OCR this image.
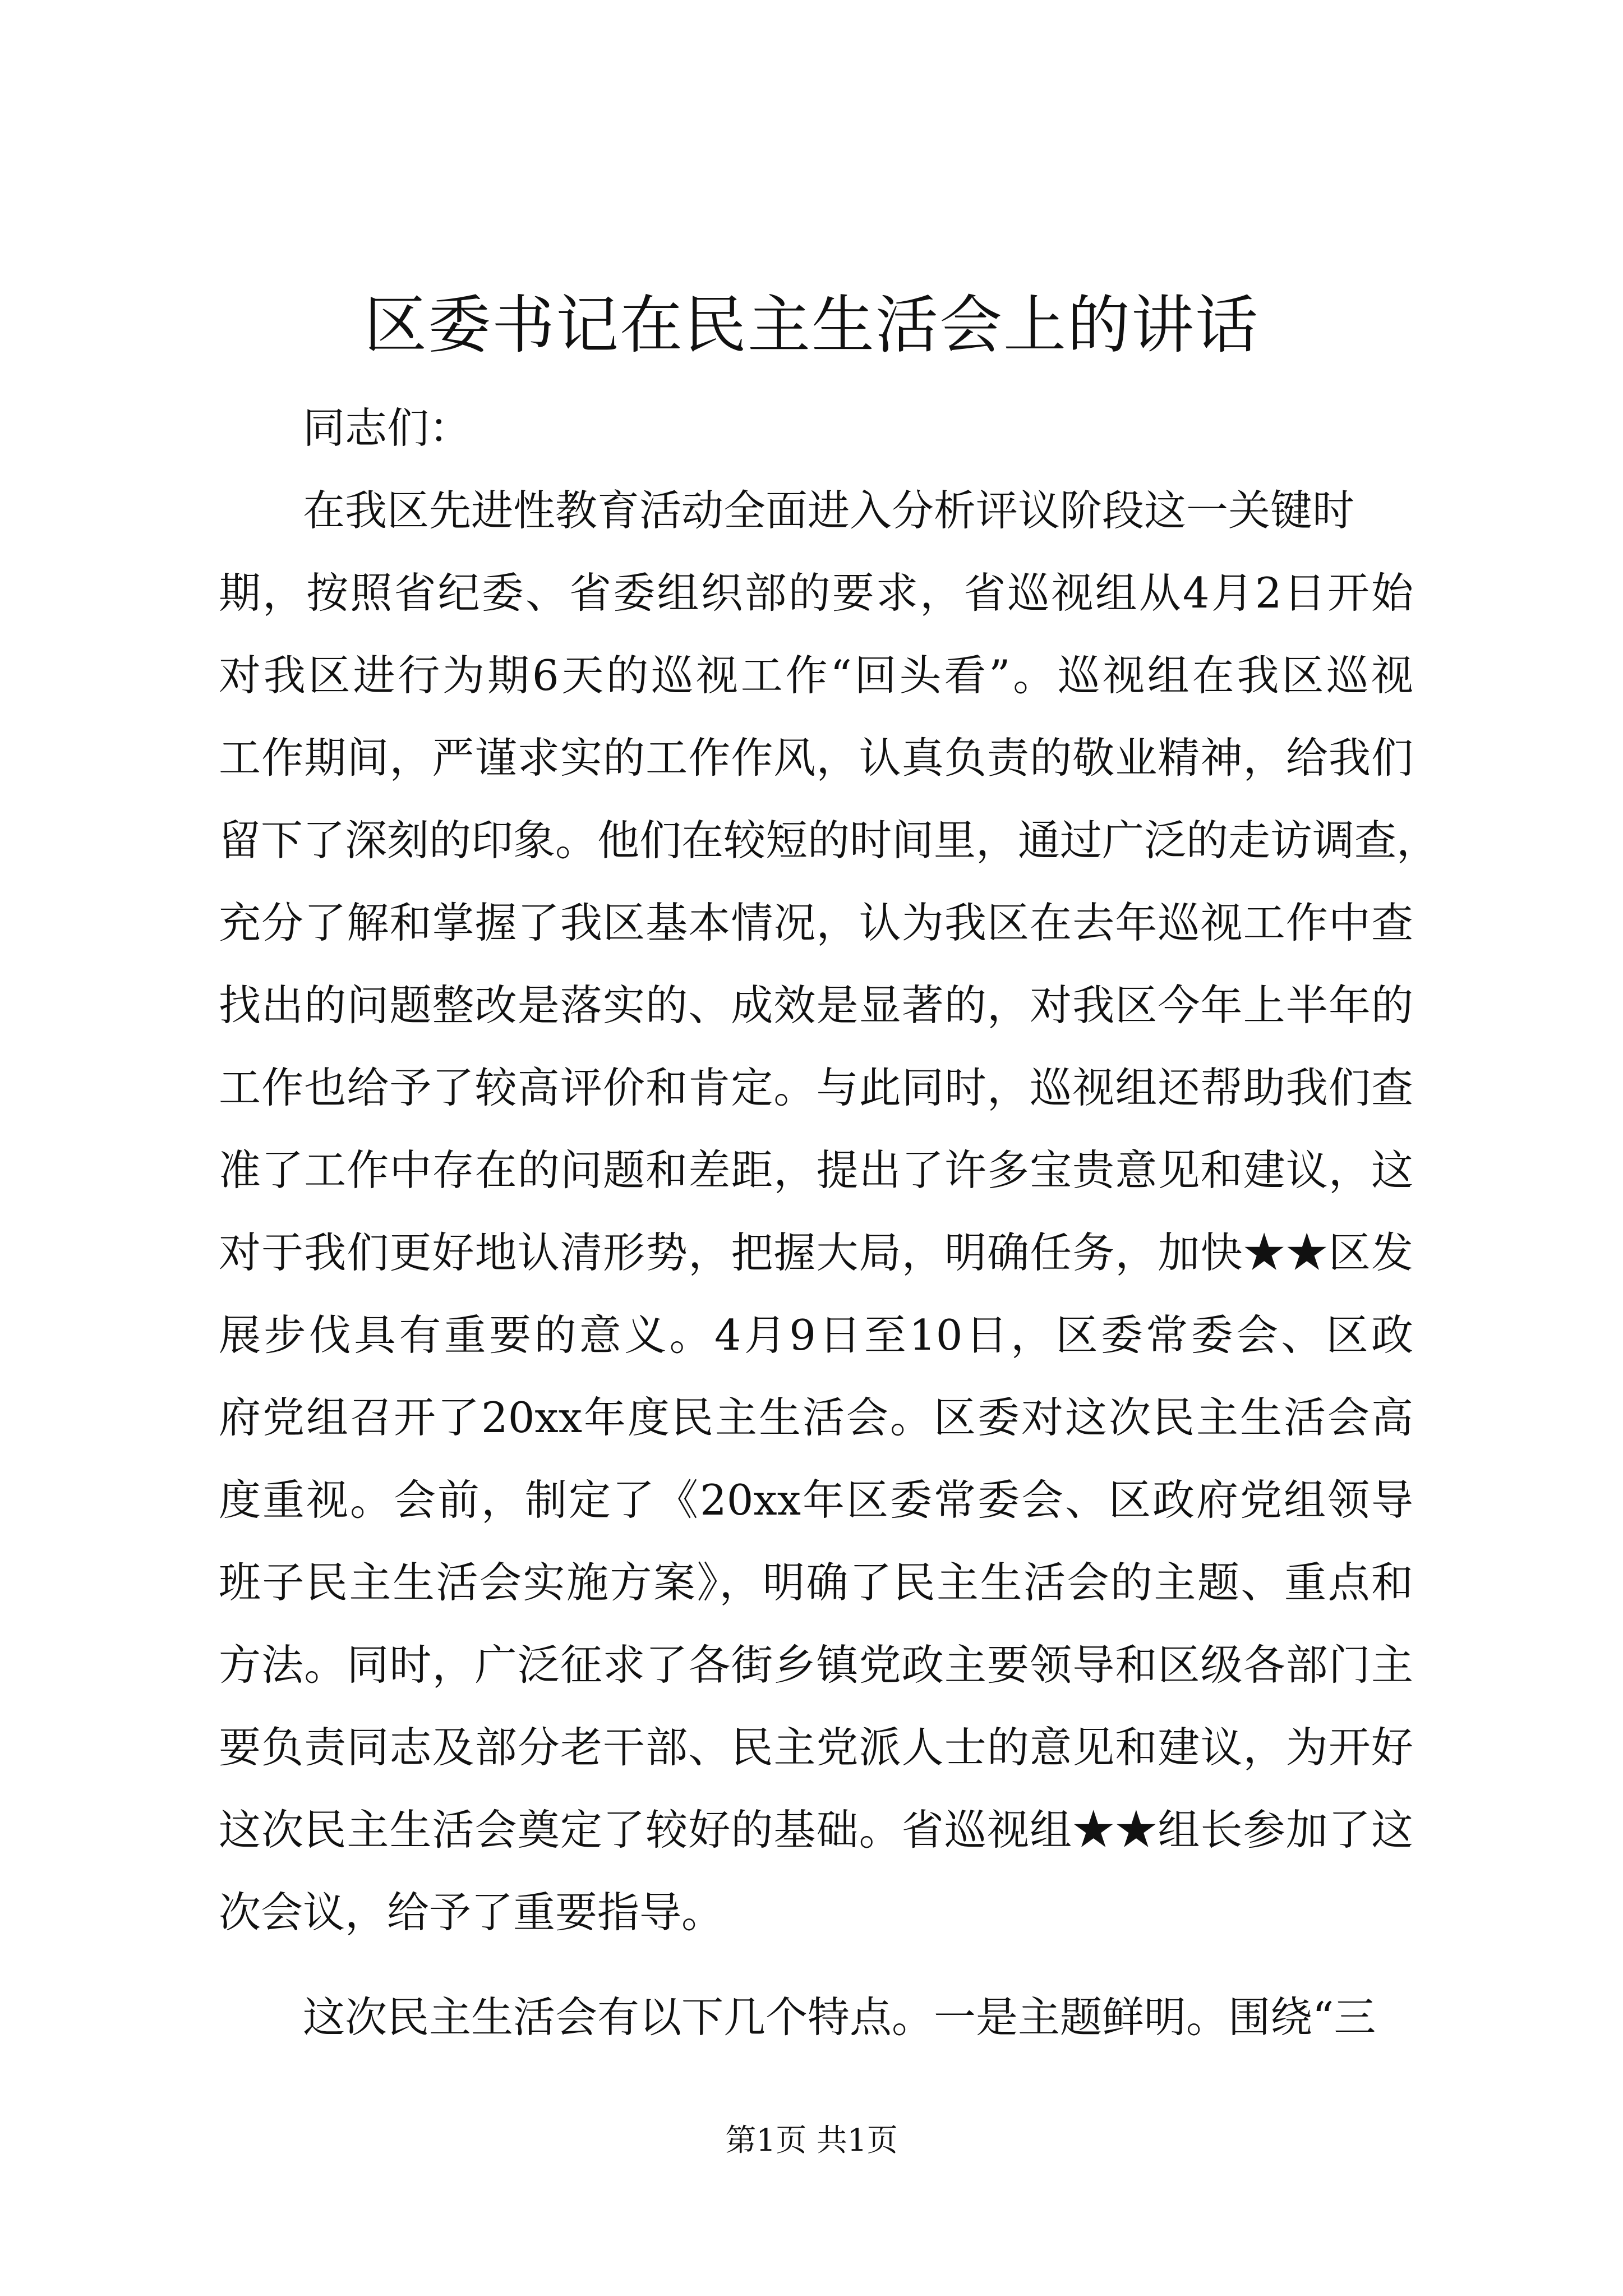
区委书记在民主生活会上的讲话
同志们：
在我区先进性教育活动全面进入分析评议阶段这一关键时
期，按照省纪委、省委组织部的要求，省巡视组从4月2日开始
对我区进行为期6天的巡视工作“回头看”。巡视组在我区巡视
工作期间，严谨求实的工作作风，认真负责的敬业精神，给我们
留下了深刻的印象。他们在较短的时间里，通过广泛的走访调查，
充分了解和掌握了我区基本情况，认为我区在去年巡视工作中查
找出的问题整改是落实的、成效是显著的，对我区今年上半年的
工作也给予了较高评价和肯定。与此同时，巡视组还帮助我们查
准了工作中存在的问题和差距，提出了许多宝贵意见和建议，这
对于我们更好地认清形势，把握大局，明确任务，加快★★区发
展步伐具有重要的意义。4月9日至10日，区委常委会、区政
府党组召开了20xx年度民主生活会。区委对这次民主生活会高
度重视。会前，制定了《20xx年区委常委会、区政府党组领导
班子民主生活会实施方案》，明确了民主生活会的主题、重点和
方法。同时，广泛征求了各街乡镇党政主要领导和区级各部门主
要负责同志及部分老干部、民主党派人士的意见和建议，为开好
这次民主生活会奠定了较好的基础。省巡视组★★组长参加了这
次会议，给予了重要指导。
这次民主生活会有以下几个特点。一是主题鲜明。围绕“三
第1页 共1页
